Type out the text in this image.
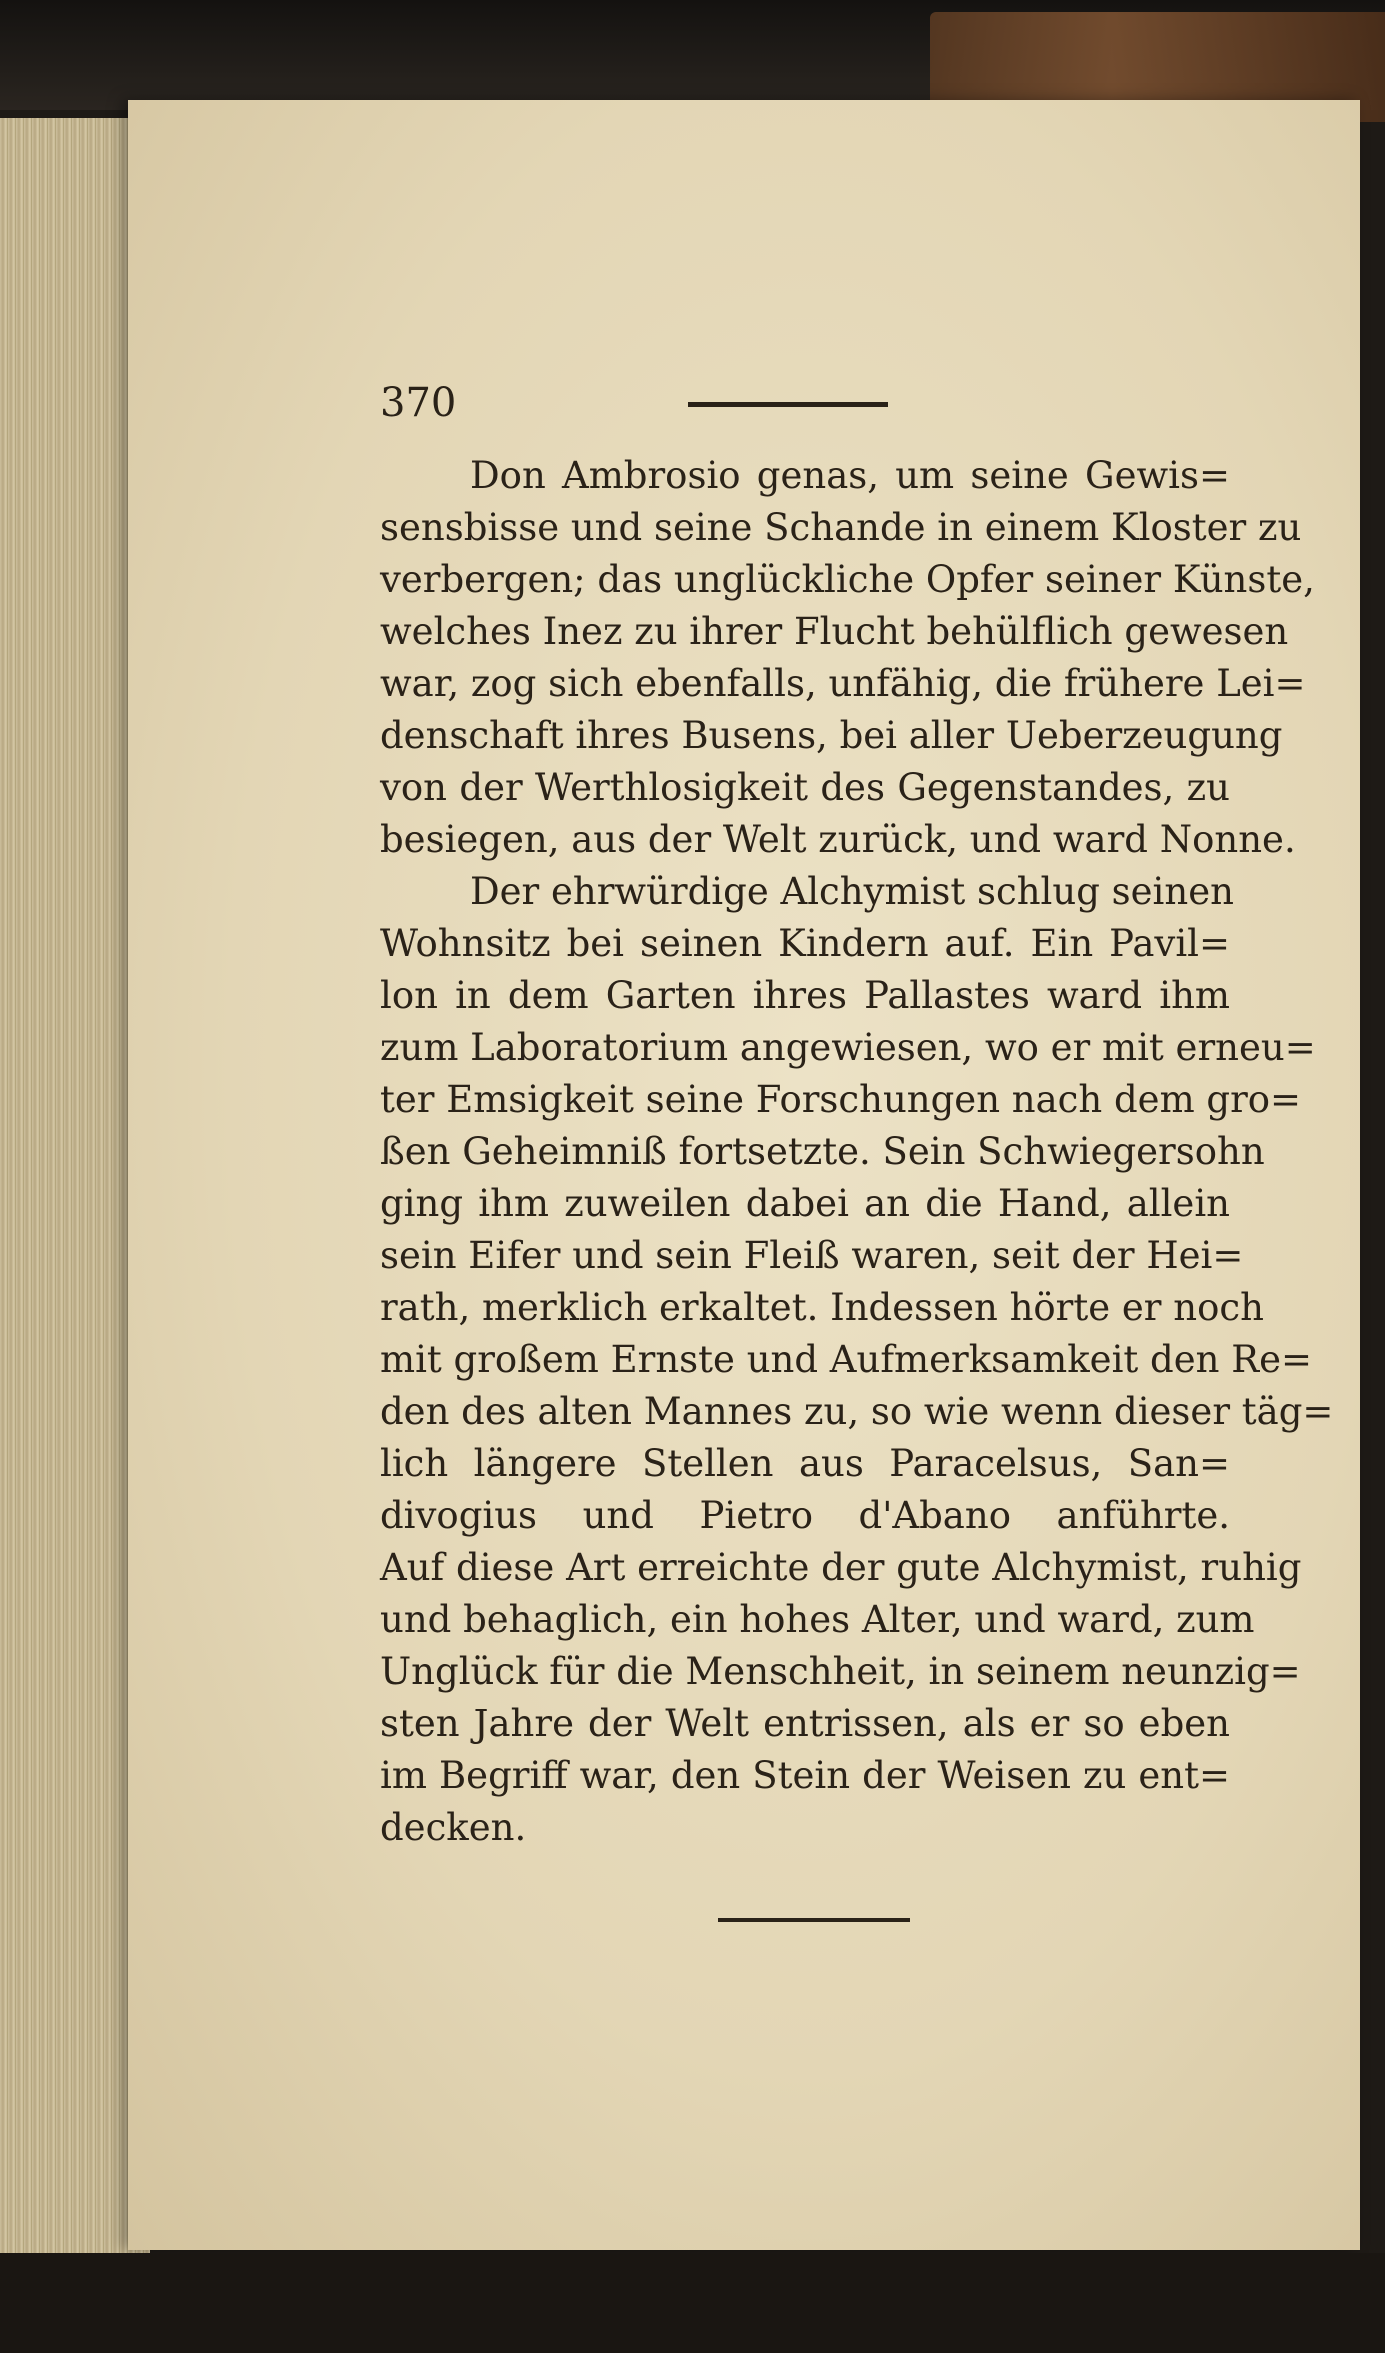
370
Don Ambrosio genas, um seine Gewis=
sensbisse und seine Schande in einem Kloster zu
verbergen; das unglückliche Opfer seiner Künste,
welches Inez zu ihrer Flucht behülflich gewesen
war, zog sich ebenfalls, unfähig, die frühere Lei=
denschaft ihres Busens, bei aller Ueberzeugung
von der Werthlosigkeit des Gegenstandes, zu
besiegen, aus der Welt zurück, und ward Nonne.
Der ehrwürdige Alchymist schlug seinen
Wohnsitz bei seinen Kindern auf. Ein Pavil=
lon in dem Garten ihres Pallastes ward ihm
zum Laboratorium angewiesen, wo er mit erneu=
ter Emsigkeit seine Forschungen nach dem gro=
ßen Geheimniß fortsetzte. Sein Schwiegersohn
ging ihm zuweilen dabei an die Hand, allein
sein Eifer und sein Fleiß waren, seit der Hei=
rath, merklich erkaltet. Indessen hörte er noch
mit großem Ernste und Aufmerksamkeit den Re=
den des alten Mannes zu, so wie wenn dieser täg=
lich längere Stellen aus Paracelsus, San=
divogius und Pietro d'Abano anführte.
Auf diese Art erreichte der gute Alchymist, ruhig
und behaglich, ein hohes Alter, und ward, zum
Unglück für die Menschheit, in seinem neunzig=
sten Jahre der Welt entrissen, als er so eben
im Begriff war, den Stein der Weisen zu ent=
decken.
